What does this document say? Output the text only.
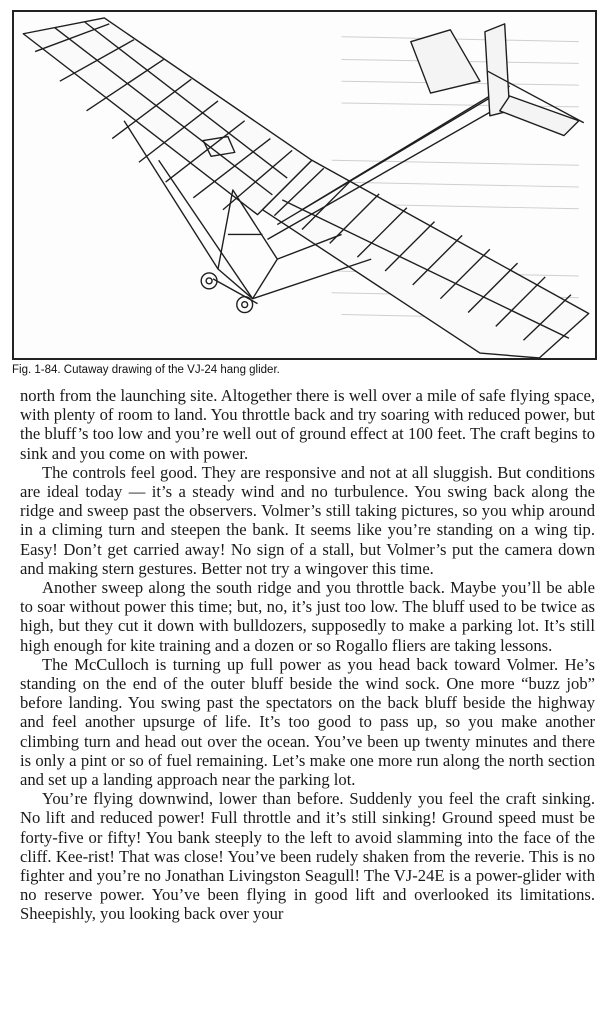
Fig. 1-84. Cutaway drawing of the VJ-24 hang glider.

north from the launching site. Altogether there is well over a mile of safe flying space, with plenty of room to land. You throttle back and try soaring with reduced power, but the bluff’s too low and you’re well out of ground effect at 100 feet. The craft begins to sink and you come on with power.

The controls feel good. They are responsive and not at all sluggish. But conditions are ideal today — it’s a steady wind and no turbulence. You swing back along the ridge and sweep past the observers. Volmer’s still taking pictures, so you whip around in a climing turn and steepen the bank. It seems like you’re standing on a wing tip. Easy! Don’t get carried away! No sign of a stall, but Volmer’s put the camera down and making stern gestures. Better not try a wingover this time.

Another sweep along the south ridge and you throttle back. Maybe you’ll be able to soar without power this time; but, no, it’s just too low. The bluff used to be twice as high, but they cut it down with bulldozers, supposedly to make a parking lot. It’s still high enough for kite training and a dozen or so Rogallo fliers are taking lessons.

The McCulloch is turning up full power as you head back toward Volmer. He’s standing on the end of the outer bluff beside the wind sock. One more “buzz job” before landing. You swing past the spectators on the back bluff beside the highway and feel another upsurge of life. It’s too good to pass up, so you make another climbing turn and head out over the ocean. You’ve been up twenty minutes and there is only a pint or so of fuel remaining. Let’s make one more run along the north section and set up a landing approach near the parking lot.

You’re flying downwind, lower than before. Suddenly you feel the craft sinking. No lift and reduced power! Full throttle and it’s still sinking! Ground speed must be forty-five or fifty! You bank steeply to the left to avoid slamming into the face of the cliff. Kee-rist! That was close! You’ve been rudely shaken from the reverie. This is no fighter and you’re no Jonathan Livingston Seagull! The VJ-24E is a power-glider with no reserve power. You’ve been flying in good lift and overlooked its limitations. Sheepishly, you looking back over your
